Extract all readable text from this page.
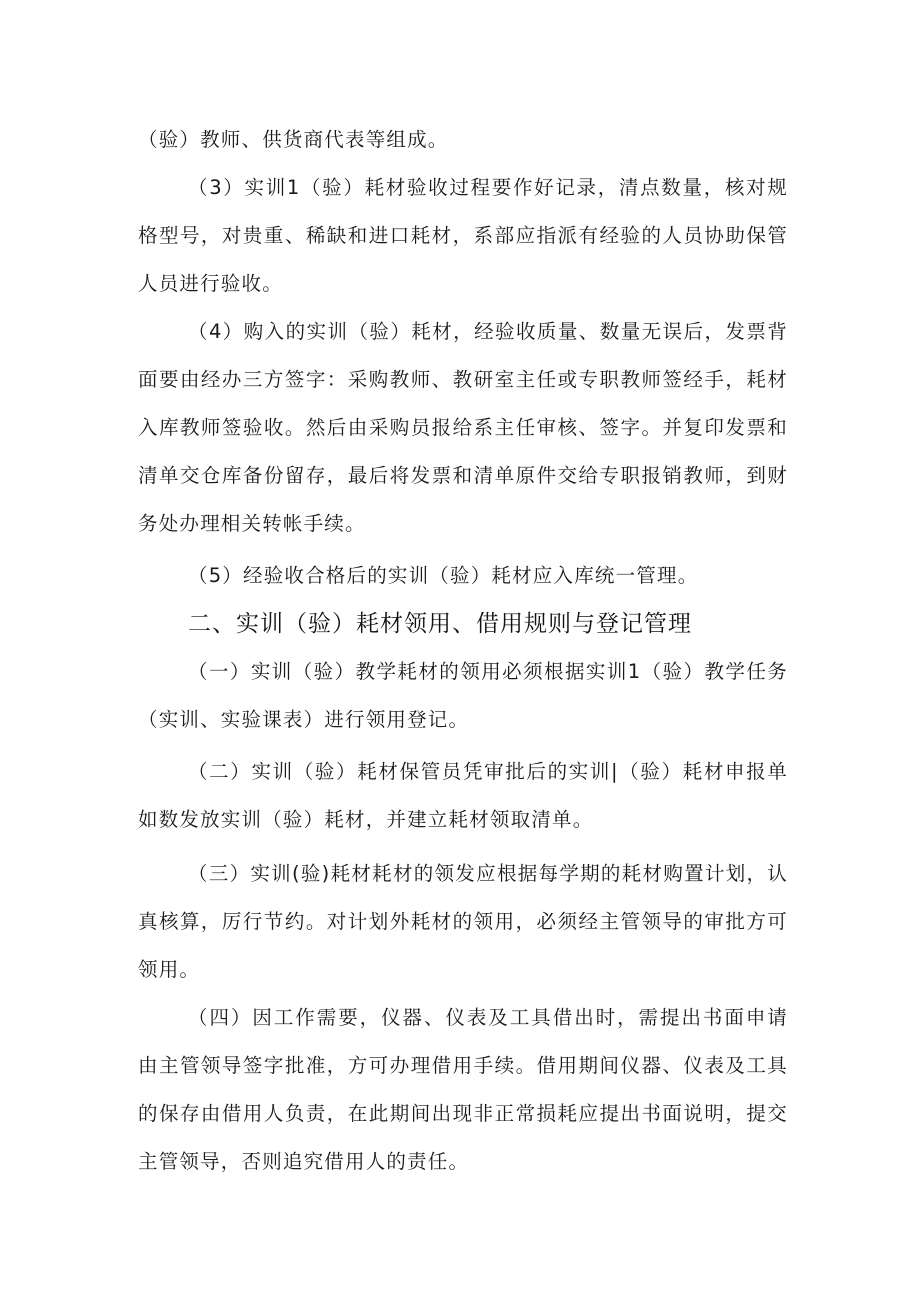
（验）教师、供货商代表等组成。

（3）实训1（验）耗材验收过程要作好记录，清点数量，核对规格型号，对贵重、稀缺和进口耗材，系部应指派有经验的人员协助保管人员进行验收。

（4）购入的实训（验）耗材，经验收质量、数量无误后，发票背面要由经办三方签字：采购教师、教研室主任或专职教师签经手，耗材入库教师签验收。然后由采购员报给系主任审核、签字。并复印发票和清单交仓库备份留存，最后将发票和清单原件交给专职报销教师，到财务处办理相关转帐手续。

（5）经验收合格后的实训（验）耗材应入库统一管理。

二、实训（验）耗材领用、借用规则与登记管理

（一）实训（验）教学耗材的领用必须根据实训1（验）教学任务（实训、实验课表）进行领用登记。

（二）实训（验）耗材保管员凭审批后的实训|（验）耗材申报单如数发放实训（验）耗材，并建立耗材领取清单。

（三）实训(验)耗材耗材的领发应根据每学期的耗材购置计划，认真核算，厉行节约。对计划外耗材的领用，必须经主管领导的审批方可领用。

（四）因工作需要，仪器、仪表及工具借出时，需提出书面申请由主管领导签字批准，方可办理借用手续。借用期间仪器、仪表及工具的保存由借用人负责，在此期间出现非正常损耗应提出书面说明，提交主管领导，否则追究借用人的责任。
